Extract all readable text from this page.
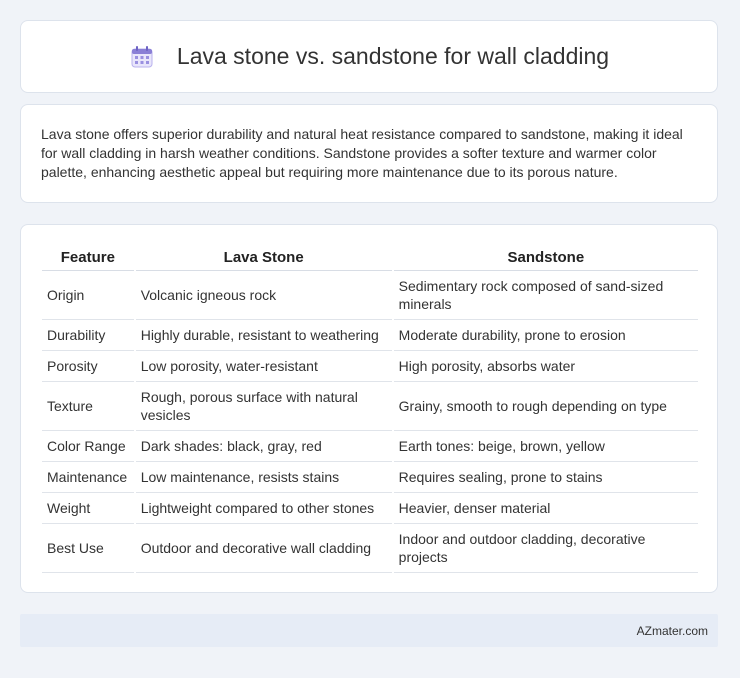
Lava stone vs. sandstone for wall cladding

Lava stone offers superior durability and natural heat resistance compared to sandstone, making it ideal for wall cladding in harsh weather conditions. Sandstone provides a softer texture and warmer color palette, enhancing aesthetic appeal but requiring more maintenance due to its porous nature.

Feature	Lava Stone	Sandstone
Origin	Volcanic igneous rock	Sedimentary rock composed of sand-sized minerals
Durability	Highly durable, resistant to weathering	Moderate durability, prone to erosion
Porosity	Low porosity, water-resistant	High porosity, absorbs water
Texture	Rough, porous surface with natural vesicles	Grainy, smooth to rough depending on type
Color Range	Dark shades: black, gray, red	Earth tones: beige, brown, yellow
Maintenance	Low maintenance, resists stains	Requires sealing, prone to stains
Weight	Lightweight compared to other stones	Heavier, denser material
Best Use	Outdoor and decorative wall cladding	Indoor and outdoor cladding, decorative projects
AZmater.com
